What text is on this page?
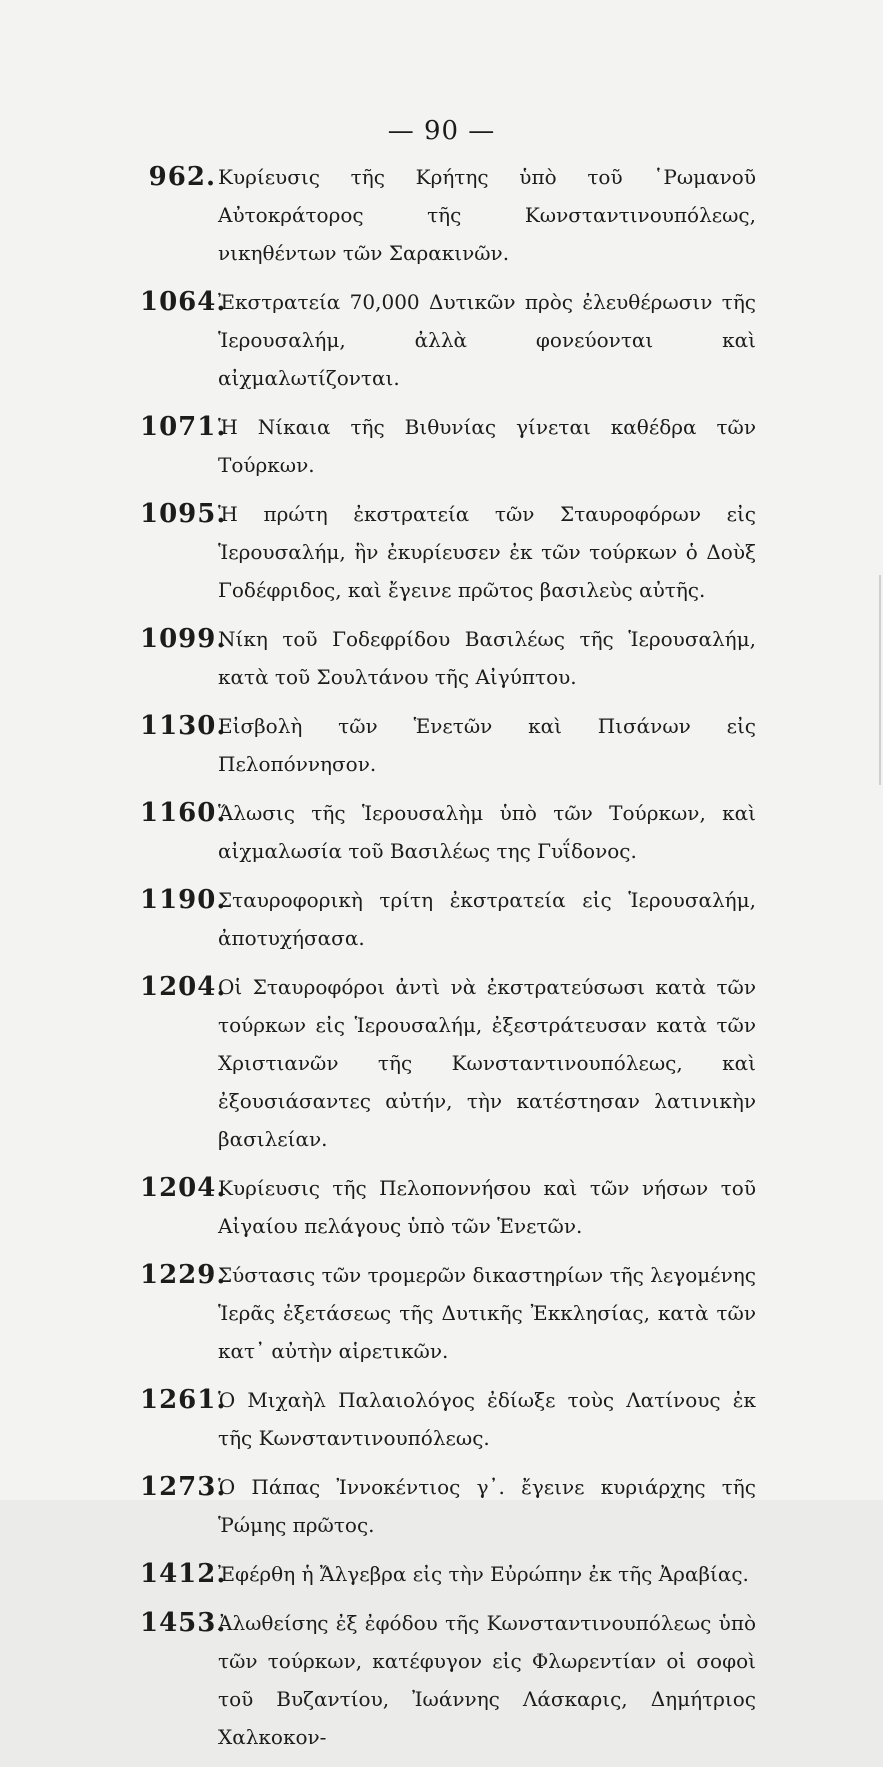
— 90 —
962. Κυρίευσις τῆς Κρήτης ὑπὸ τοῦ ῾Ρωμανοῦ Αὐτοκράτορος τῆς Κωνσταντινουπόλεως, νικηθέντων τῶν Σαρακινῶν.
1064.
Ἐκστρατεία 70,000 Δυτικῶν πρὸς ἐλευθέρωσιν τῆς Ἱερουσαλήμ, ἀλλὰ φονεύονται καὶ αἰχμαλωτίζονται.
1071.
Ἡ Νίκαια τῆς Βιθυνίας γίνεται καθέδρα τῶν Τούρκων.
1095.
Ἡ πρώτη ἐκστρατεία τῶν Σταυροφόρων εἰς Ἱερουσαλήμ, ἣν ἐκυρίευσεν ἐκ τῶν τούρκων ὁ Δοὺξ Γοδέφριδος, καὶ ἔγεινε πρῶτος βασιλεὺς αὐτῆς.
1099.
Νίκη τοῦ Γοδεφρίδου Βασιλέως τῆς Ἱερουσαλήμ, κατὰ τοῦ Σουλτάνου τῆς Αἰγύπτου.
1130.
Εἰσβολὴ τῶν Ἑνετῶν καὶ Πισάνων εἰς Πελοπόννησον.
1160.
Ἅλωσις τῆς Ἱερουσαλὴμ ὑπὸ τῶν Τούρκων, καὶ αἰχμαλωσία τοῦ Βασιλέως της Γυΐδονος.
1190.
Σταυροφορικὴ τρίτη ἐκστρατεία εἰς Ἱερουσαλήμ, ἀποτυχήσασα.
1204.
Οἱ Σταυροφόροι ἀντὶ νὰ ἐκστρατεύσωσι κατὰ τῶν τούρκων εἰς Ἱερουσαλήμ, ἐξεστράτευσαν κατὰ τῶν Χριστιανῶν τῆς Κωνσταντινουπόλεως, καὶ ἐξουσιάσαντες αὐτήν, τὴν κατέστησαν λατινικὴν βασιλείαν.
1204.
Κυρίευσις τῆς Πελοποννήσου καὶ τῶν νήσων τοῦ Αἰγαίου πελάγους ὑπὸ τῶν Ἑνετῶν.
1229.
Σύστασις τῶν τρομερῶν δικαστηρίων τῆς λεγομένης Ἱερᾶς ἐξετάσεως τῆς Δυτικῆς Ἐκκλησίας, κατὰ τῶν κατ᾽ αὐτὴν αἱρετικῶν.
1261.
Ὁ Μιχαὴλ Παλαιολόγος ἐδίωξε τοὺς Λατίνους ἐκ τῆς Κωνσταντινουπόλεως.
1273.
Ὁ Πάπας Ἰννοκέντιος γ᾽. ἔγεινε κυριάρχης τῆς Ῥώμης πρῶτος.
1412.
Ἐφέρθη ἡ Ἄλγεβρα εἰς τὴν Εὐρώπην ἐκ τῆς Ἀραβίας.
1453.
Ἀλωθείσης ἐξ ἐφόδου τῆς Κωνσταντινουπόλεως ὑπὸ τῶν τούρκων, κατέφυγον εἰς Φλωρεντίαν οἱ σοφοὶ τοῦ Βυζαντίου, Ἰωάννης Λάσκαρις, Δημήτριος Χαλκοκον-
